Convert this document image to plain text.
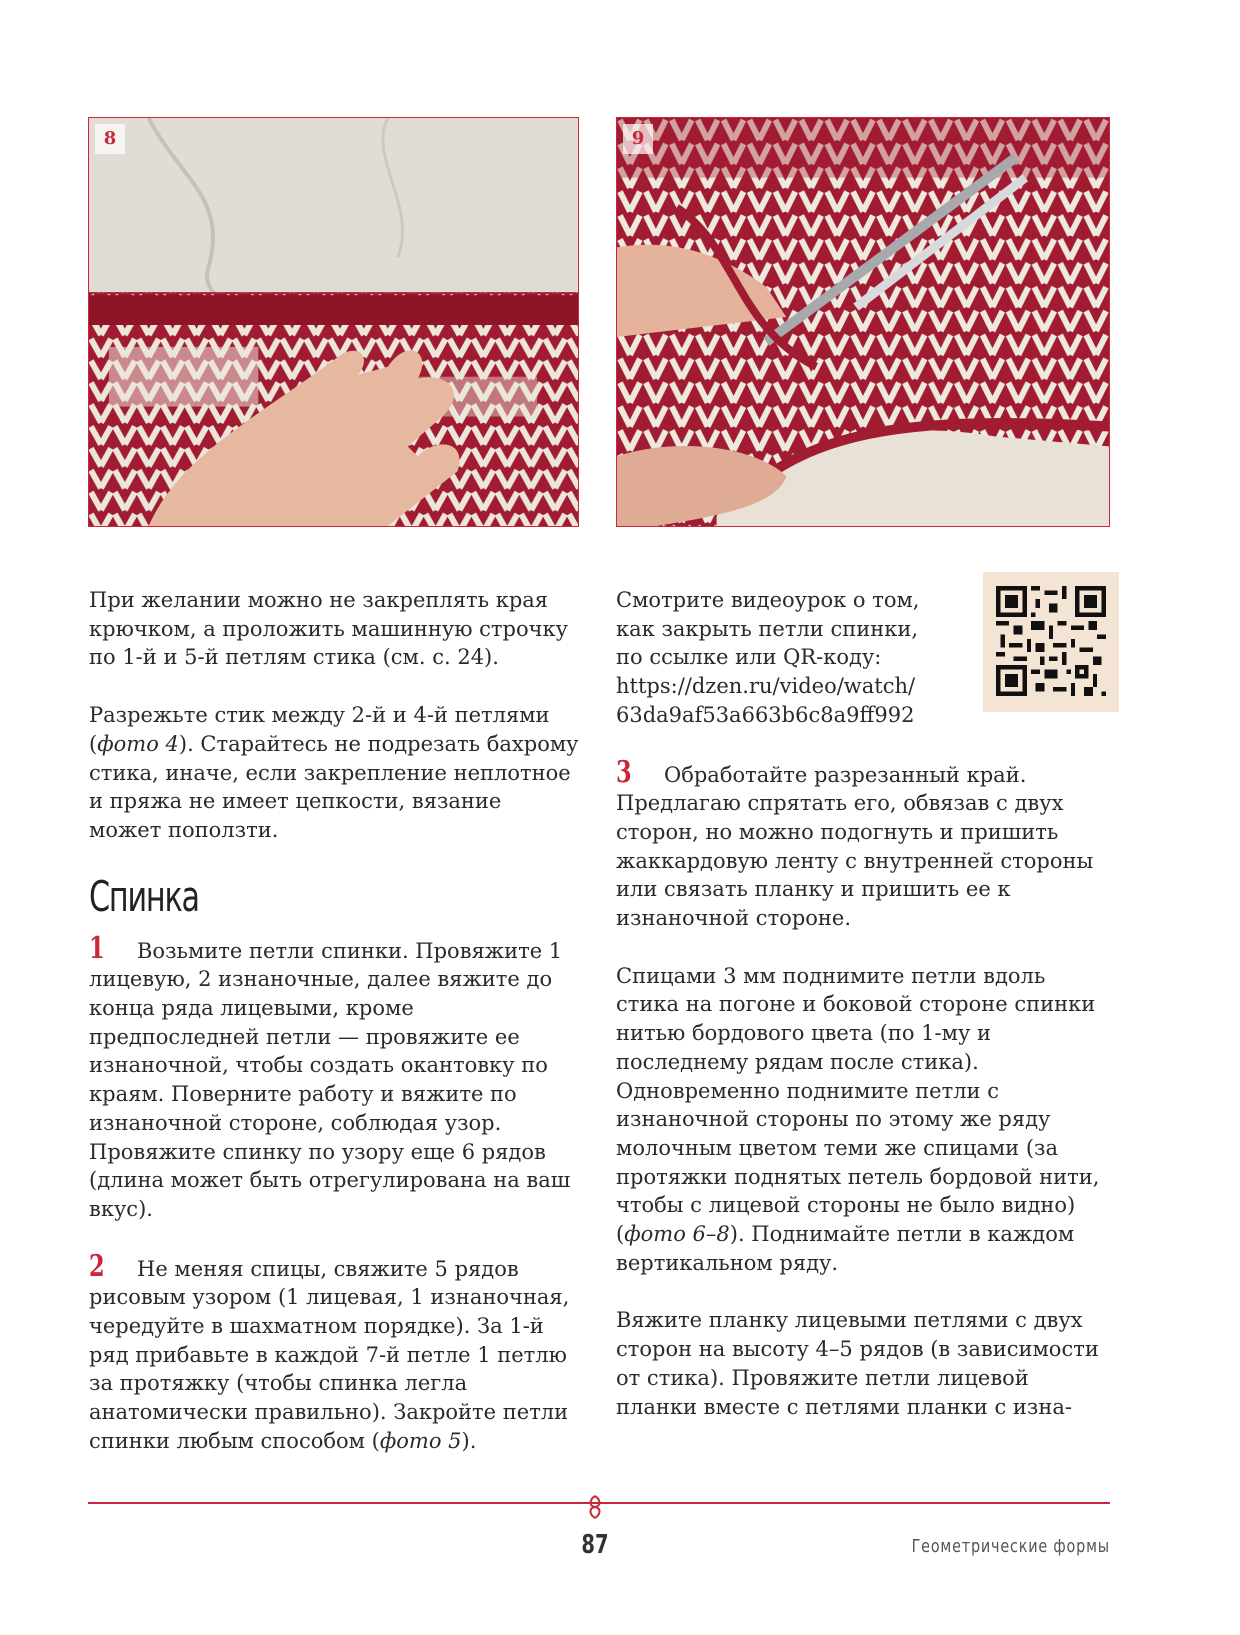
8	9

При желании можно не закреплять края крючком, а проложить машинную строчку по 1-й и 5-й петлям стика (см. с. 24).

Разрежьте стик между 2-й и 4-й петлями (фото 4). Старайтесь не подрезать бахрому стика, иначе, если закрепление неплотное и пряжа не имеет цепкости, вязание может поползти.

Спинка

1 Возьмите петли спинки. Провяжите 1 лицевую, 2 изнаночные, далее вяжите до конца ряда лицевыми, кроме предпоследней петли — провяжите ее изнаночной, чтобы создать окантовку по краям. Поверните работу и вяжите по изнаночной стороне, соблюдая узор. Провяжите спинку по узору еще 6 рядов (длина может быть отрегулирована на ваш вкус).

2 Не меняя спицы, свяжите 5 рядов рисовым узором (1 лицевая, 1 изнаночная, чередуйте в шахматном порядке). За 1-й ряд прибавьте в каждой 7-й петле 1 петлю за протяжку (чтобы спинка легла анатомически правильно). Закройте петли спинки любым способом (фото 5).

Смотрите видеоурок о том,

как закрыть петли спинки,

по ссылке или QR-коду:

https://dzen.ru/video/watch/

63da9af53a663b6c8a9ff992

3 Обработайте разрезанный край. Предлагаю спрятать его, обвязав с двух сторон, но можно подогнуть и пришить жаккардовую ленту с внутренней стороны или связать планку и пришить ее к изнаночной стороне.

Спицами 3 мм поднимите петли вдоль стика на погоне и боковой стороне спинки нитью бордового цвета (по 1-му и последнему рядам после стика). Одновременно поднимите петли с изнаночной стороны по этому же ряду молочным цветом теми же спицами (за протяжки поднятых петель бордовой нити, чтобы с лицевой стороны не было видно) (фото 6–8). Поднимайте петли в каждом вертикальном ряду.

Вяжите планку лицевыми петлями с двух сторон на высоту 4–5 рядов (в зависимости от стика). Провяжите петли лицевой планки вместе с петлями планки с изна-

87	Геометрические формы
